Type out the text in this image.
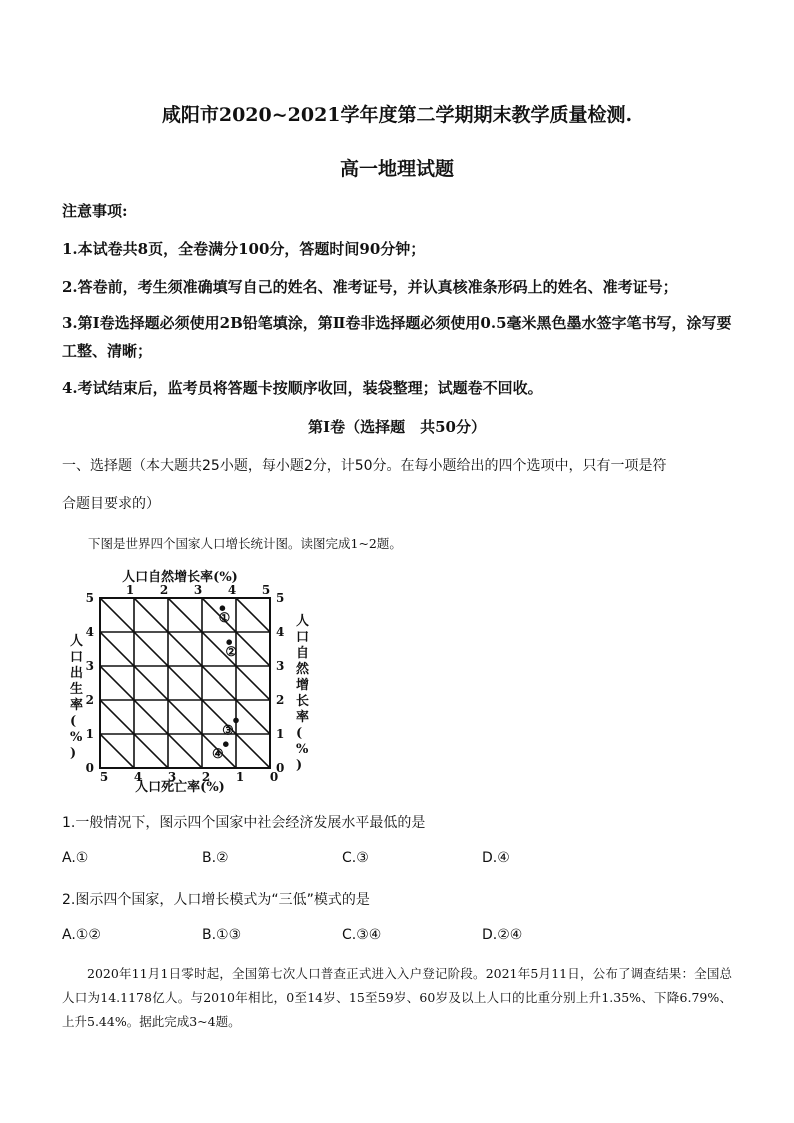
咸阳市2020~2021学年度第二学期期末教学质量检测.
高一地理试题
注意事项:
1.本试卷共8页，全卷满分100分，答题时间90分钟；
2.答卷前，考生须准确填写自己的姓名、准考证号，并认真核准条形码上的姓名、准考证号；
3.第Ⅰ卷选择题必须使用2B铅笔填涂，第Ⅱ卷非选择题必须使用0.5毫米黑色墨水签字笔书写，涂写要工整、清晰；
4.考试结束后，监考员将答题卡按顺序收回，装袋整理；试题卷不回收。
第Ⅰ卷（选择题　共50分）
一、选择题（本大题共25小题，每小题2分，计50分。在每小题给出的四个选项中，只有一项是符
合题目要求的）
下图是世界四个国家人口增长统计图。读图完成1~2题。
1 2 3 4 5
0
1
2
3
4
5
0
1
2
3
4
5
5 4 3 2 1 0
①
②
③
④
人口自然增长率(%)
人口死亡率(%)
人口出生率( % )
人口自然增长率( % )
1.一般情况下，图示四个国家中社会经济发展水平最低的是
A.①	B.②	C.③	D.④
2.图示四个国家，人口增长模式为“三低”模式的是
A.①②	B.①③	C.③④	D.②④
2020年11月1日零时起，全国第七次人口普查正式进入入户登记阶段。2021年5月11日，公布了调查结果：全国总人口为14.1178亿人。与2010年相比，0至14岁、15至59岁、60岁及以上人口的比重分别上升1.35%、下降6.79%、上升5.44%。据此完成3~4题。
